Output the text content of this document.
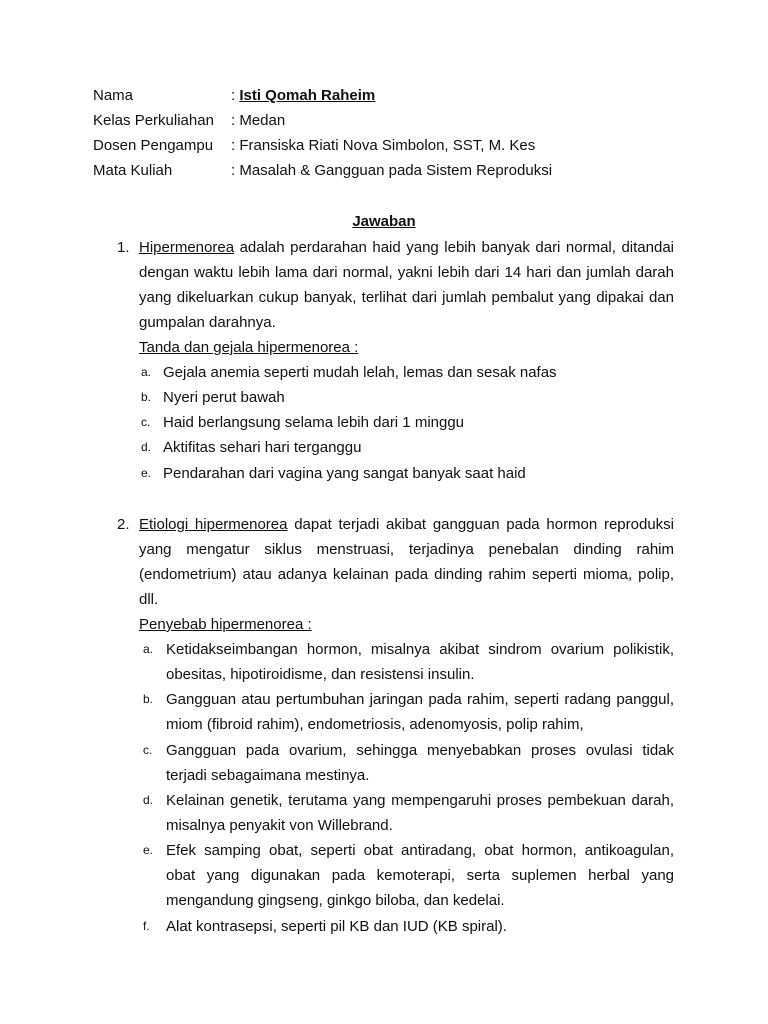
Nama	: Isti Qomah Raheim
Kelas Perkuliahan	: Medan
Dosen Pengampu	: Fransiska Riati Nova Simbolon, SST, M. Kes
Mata Kuliah	: Masalah & Gangguan pada Sistem Reproduksi
Jawaban
1. Hipermenorea adalah perdarahan haid yang lebih banyak dari normal, ditandai dengan waktu lebih lama dari normal, yakni lebih dari 14 hari dan jumlah darah yang dikeluarkan cukup banyak, terlihat dari jumlah pembalut yang dipakai dan gumpalan darahnya.
Tanda dan gejala hipermenorea :
a. Gejala anemia seperti mudah lelah, lemas dan sesak nafas
b. Nyeri perut bawah
c. Haid berlangsung selama lebih dari 1 minggu
d. Aktifitas sehari hari terganggu
e. Pendarahan dari vagina yang sangat banyak saat haid
2. Etiologi hipermenorea dapat terjadi akibat gangguan pada hormon reproduksi yang mengatur siklus menstruasi, terjadinya penebalan dinding rahim (endometrium) atau adanya kelainan pada dinding rahim seperti mioma, polip, dll.
Penyebab hipermenorea :
a. Ketidakseimbangan hormon, misalnya akibat sindrom ovarium polikistik, obesitas, hipotiroidisme, dan resistensi insulin.
b. Gangguan atau pertumbuhan jaringan pada rahim, seperti radang panggul, miom (fibroid rahim), endometriosis, adenomyosis, polip rahim,
c. Gangguan pada ovarium, sehingga menyebabkan proses ovulasi tidak terjadi sebagaimana mestinya.
d. Kelainan genetik, terutama yang mempengaruhi proses pembekuan darah, misalnya penyakit von Willebrand.
e. Efek samping obat, seperti obat antiradang, obat hormon, antikoagulan, obat yang digunakan pada kemoterapi, serta suplemen herbal yang mengandung gingseng, ginkgo biloba, dan kedelai.
f. Alat kontrasepsi, seperti pil KB dan IUD (KB spiral).
